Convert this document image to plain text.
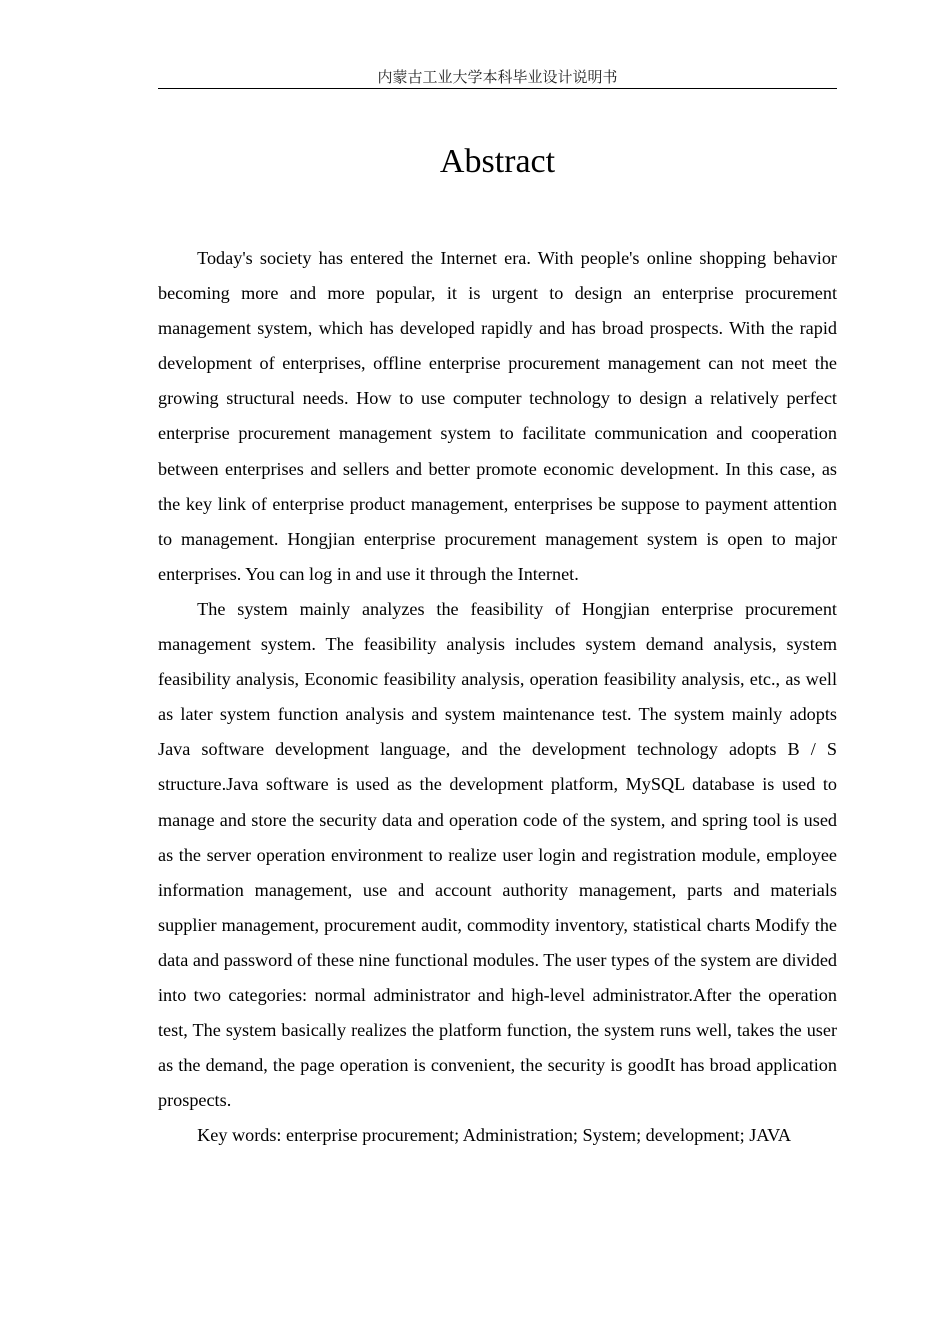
内蒙古工业大学本科毕业设计说明书
Abstract

Today's society has entered the Internet era. With people's online shopping behavior becoming more and more popular, it is urgent to design an enterprise procurement management system, which has developed rapidly and has broad prospects. With the rapid development of enterprises, offline enterprise procurement management can not meet the growing structural needs. How to use computer technology to design a relatively perfect enterprise procurement management system to facilitate communication and cooperation between enterprises and sellers and better promote economic development. In this case, as the key link of enterprise product management, enterprises be suppose to payment attention to management. Hongjian enterprise procurement management system is open to major enterprises. You can log in and use it through the Internet.

The system mainly analyzes the feasibility of Hongjian enterprise procurement management system. The feasibility analysis includes system demand analysis, system feasibility analysis, Economic feasibility analysis, operation feasibility analysis, etc., as well as later system function analysis and system maintenance test. The system mainly adopts Java software development language, and the development technology adopts B / S structure.Java software is used as the development platform, MySQL database is used to manage and store the security data and operation code of the system, and spring tool is used as the server operation environment to realize user login and registration module, employee information management, use and account authority management, parts and materials supplier management, procurement audit, commodity inventory, statistical charts Modify the data and password of these nine functional modules. The user types of the system are divided into two categories: normal administrator and high-level administrator.After the operation test, The system basically realizes the platform function, the system runs well, takes the user as the demand, the page operation is convenient, the security is goodIt has broad application prospects.

Key words: enterprise procurement; Administration; System; development; JAVA
